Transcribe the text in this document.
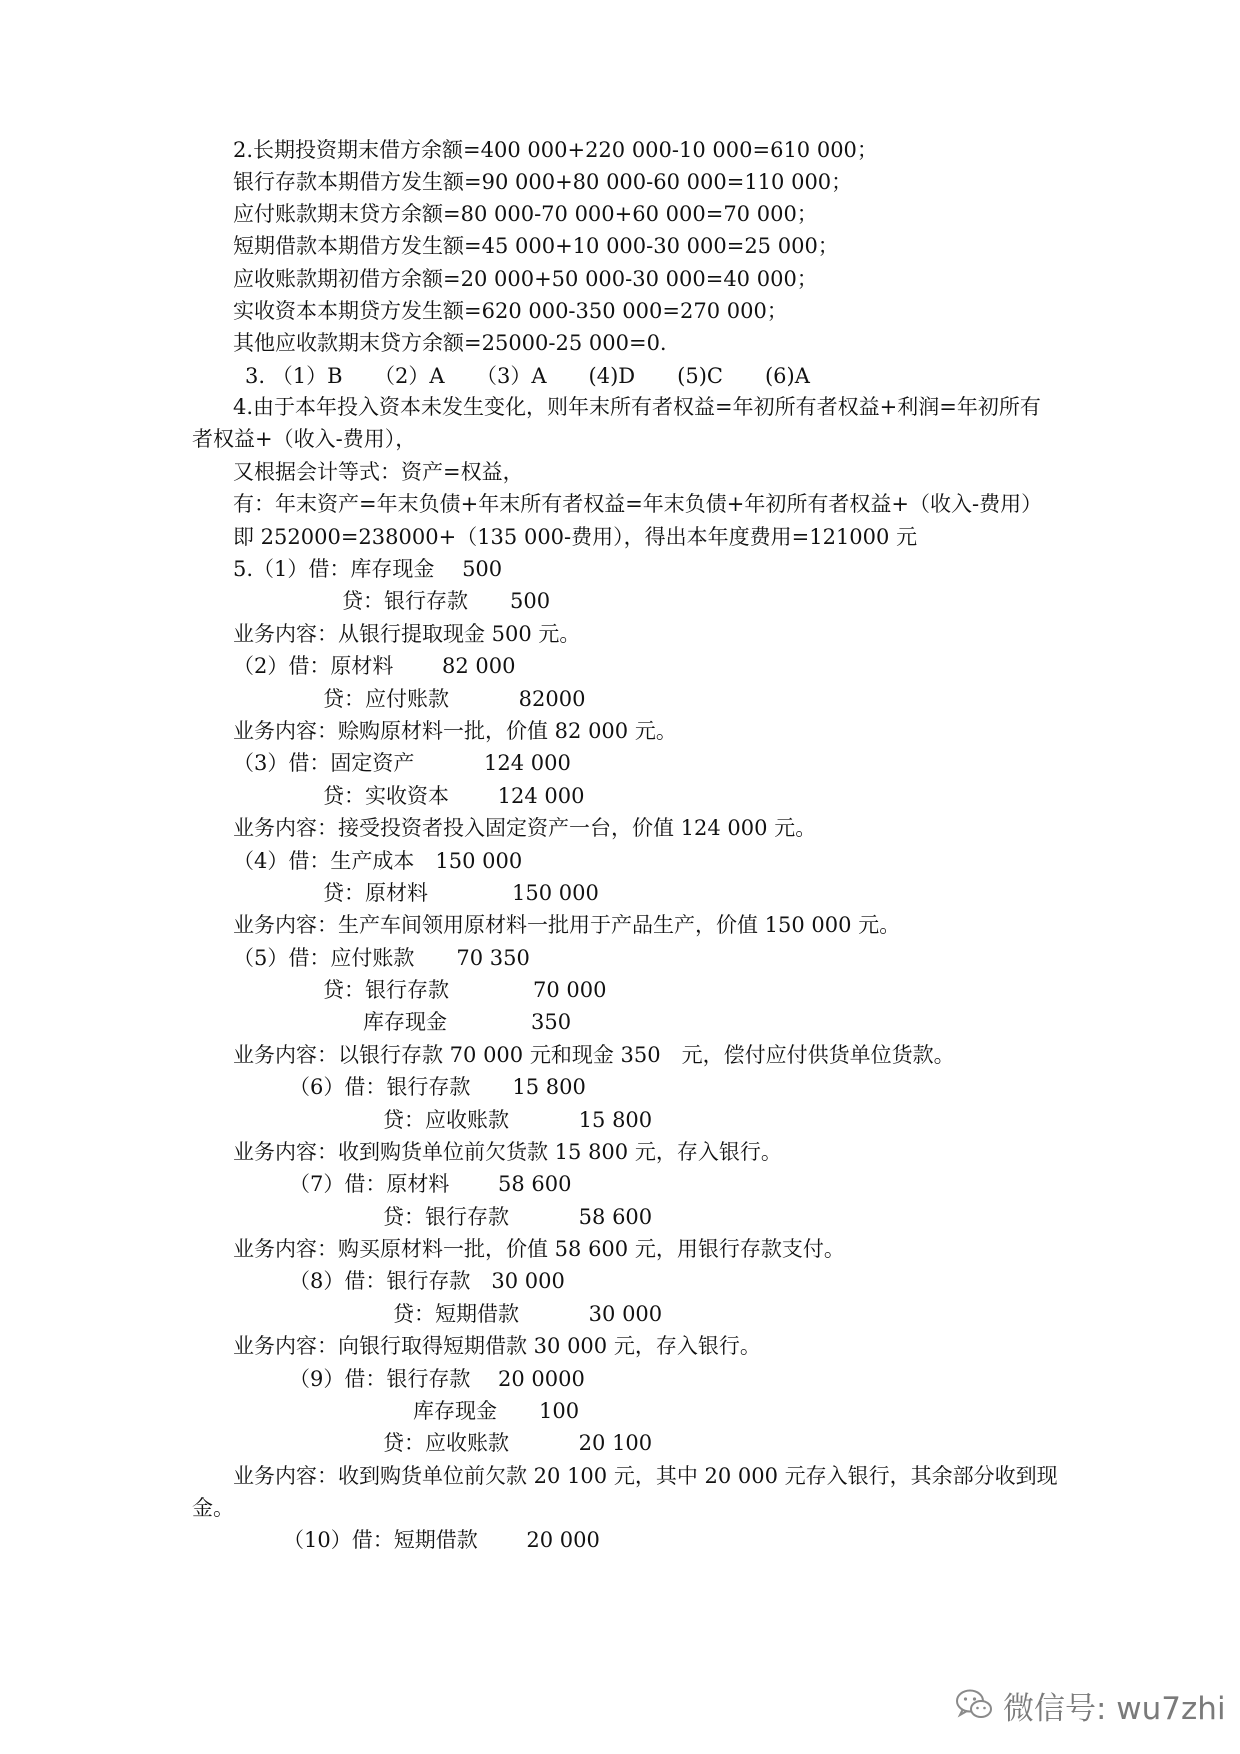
2.长期投资期末借方余额=400 000+220 000-10 000=610 000；
银行存款本期借方发生额=90 000+80 000-60 000=110 000；
应付账款期末贷方余额=80 000-70 000+60 000=70 000；
短期借款本期借方发生额=45 000+10 000-30 000=25 000；
应收账款期初借方余额=20 000+50 000-30 000=40 000；
实收资本本期贷方发生额=620 000-350 000=270 000；
其他应收款期末贷方余额=25000-25 000=0.
3. （1）B　　（2）A　　（3）A　　(4)D　　(5)C　　(6)A
4.由于本年投入资本未发生变化，则年末所有者权益=年初所有者权益+利润=年初所有
者权益+（收入-费用），
又根据会计等式：资产=权益，
有：年末资产=年末负债+年末所有者权益=年末负债+年初所有者权益+（收入-费用）
即 252000=238000+（135 000-费用），得出本年度费用=121000 元
5.（1）借：库存现金　 500
贷：银行存款　　500
业务内容：从银行提取现金 500 元。
（2）借：原材料　　 82 000
贷：应付账款　　　 82000
业务内容：赊购原材料一批，价值 82 000 元。
（3）借：固定资产　　　 124 000
贷：实收资本　　 124 000
业务内容：接受投资者投入固定资产一台，价值 124 000 元。
（4）借：生产成本　150 000
贷：原材料　　　　150 000
业务内容：生产车间领用原材料一批用于产品生产，价值 150 000 元。
（5）借：应付账款　　70 350
贷：银行存款　　　　70 000
库存现金　　　　350
业务内容：以银行存款 70 000 元和现金 350　元，偿付应付供货单位货款。
（6）借：银行存款　　15 800
贷：应收账款　　　 15 800
业务内容：收到购货单位前欠货款 15 800 元，存入银行。
（7）借：原材料　　 58 600
贷：银行存款　　　 58 600
业务内容：购买原材料一批，价值 58 600 元，用银行存款支付。
（8）借：银行存款　30 000
贷：短期借款　　　 30 000
业务内容：向银行取得短期借款 30 000 元，存入银行。
（9）借：银行存款　 20 0000
库存现金　　100
贷：应收账款　　　 20 100
业务内容：收到购货单位前欠款 20 100 元，其中 20 000 元存入银行，其余部分收到现
金。
（10）借：短期借款　　 20 000
微信号: wu7zhi
